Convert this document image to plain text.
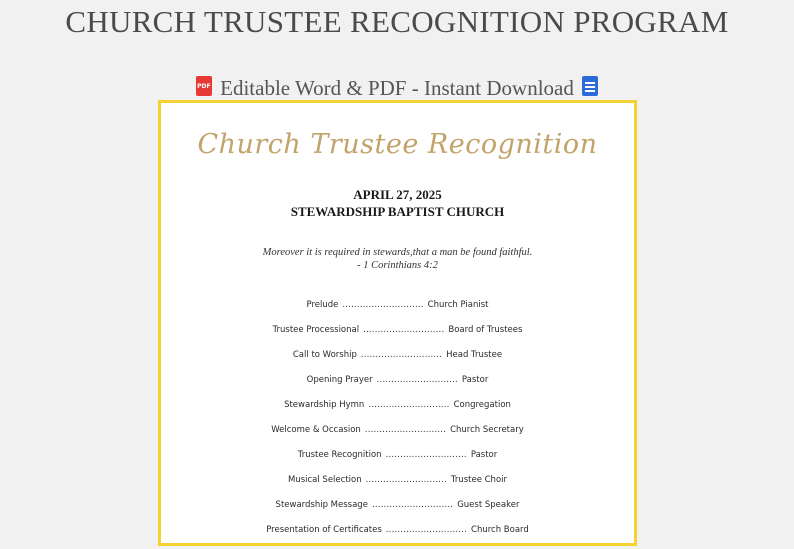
CHURCH TRUSTEE RECOGNITION PROGRAM
PDF Editable Word & PDF - Instant Download
Church Trustee Recognition
APRIL 27, 2025
STEWARDSHIP BAPTIST CHURCH
Moreover it is required in stewards,that a man be found faithful.
- 1 Corinthians 4:2
Prelude ............................ Church Pianist
Trustee Processional ............................ Board of Trustees
Call to Worship ............................ Head Trustee
Opening Prayer ............................ Pastor
Stewardship Hymn ............................ Congregation
Welcome & Occasion ............................ Church Secretary
Trustee Recognition ............................ Pastor
Musical Selection ............................ Trustee Choir
Stewardship Message ............................ Guest Speaker
Presentation of Certificates ............................ Church Board
